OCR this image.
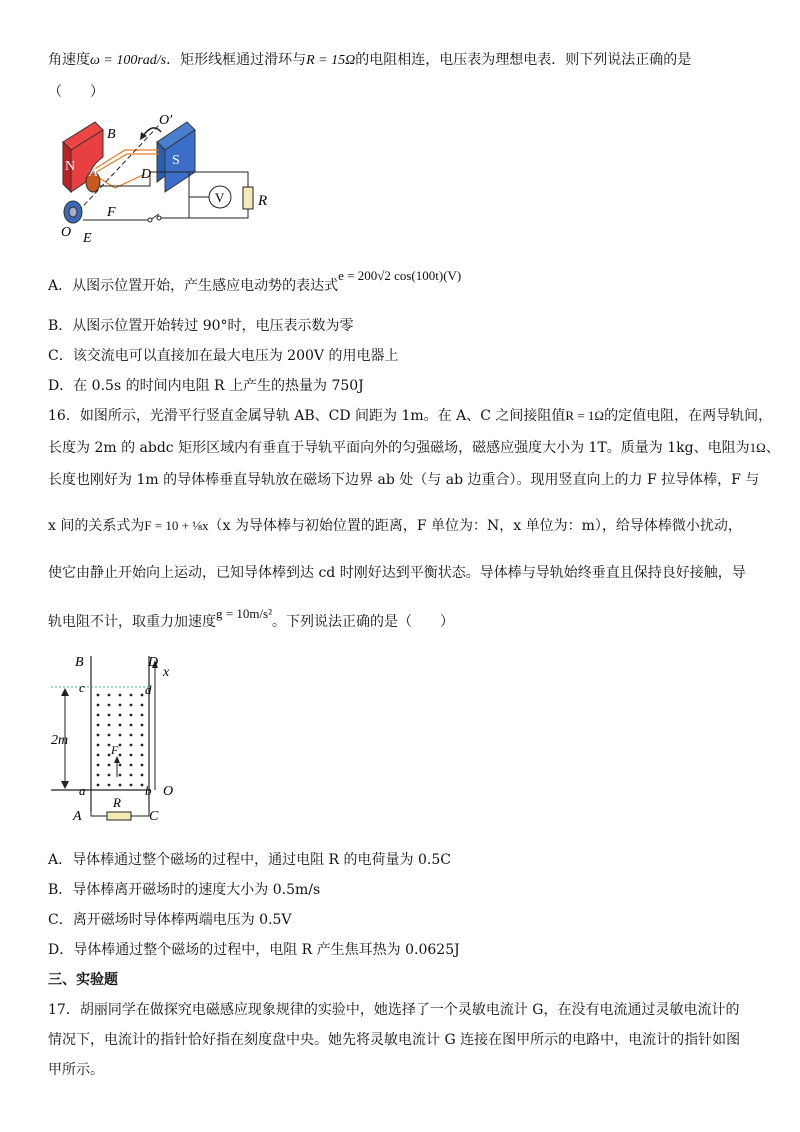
角速度ω = 100rad/s．矩形线框通过滑环与R = 15Ω的电阻相连，电压表为理想电表．则下列说法正确的是
（　　）
N	S
V R
B
A	D
O′
F
O E
A．从图示位置开始，产生感应电动势的表达式e = 200√2 cos(100t)(V)
B．从图示位置开始转过 90°时，电压表示数为零
C．该交流电可以直接加在最大电压为 200V 的用电器上
D．在 0.5s 的时间内电阻 R 上产生的热量为 750J
16．如图所示，光滑平行竖直金属导轨 AB、CD 间距为 1m。在 A、C 之间接阻值R = 1Ω的定值电阻，在两导轨间，
长度为 2m 的 abdc 矩形区域内有垂直于导轨平面向外的匀强磁场，磁感应强度大小为 1T。质量为 1kg、电阻为1Ω、
长度也刚好为 1m 的导体棒垂直导轨放在磁场下边界 ab 处（与 ab 边重合）。现用竖直向上的力 F 拉导体棒，F 与
x 间的关系式为F = 10 + ⅛x（x 为导体棒与初始位置的距离，F 单位为：N，x 单位为：m），给导体棒微小扰动，
使它由静止开始向上运动，已知导体棒到达 cd 时刚好达到平衡状态。导体棒与导轨始终垂直且保持良好接触，导
轨电阻不计，取重力加速度g = 10m/s²。下列说法正确的是（　　）
B	D
x
c	d
2m
F
a	b O
R
A	C
A．导体棒通过整个磁场的过程中，通过电阻 R 的电荷量为 0.5C
B．导体棒离开磁场时的速度大小为 0.5m/s
C．离开磁场时导体棒两端电压为 0.5V
D．导体棒通过整个磁场的过程中，电阻 R 产生焦耳热为 0.0625J
三、实验题
17．胡丽同学在做探究电磁感应现象规律的实验中，她选择了一个灵敏电流计 G，在没有电流通过灵敏电流计的
情况下，电流计的指针恰好指在刻度盘中央。她先将灵敏电流计 G 连接在图甲所示的电路中，电流计的指针如图
甲所示。
